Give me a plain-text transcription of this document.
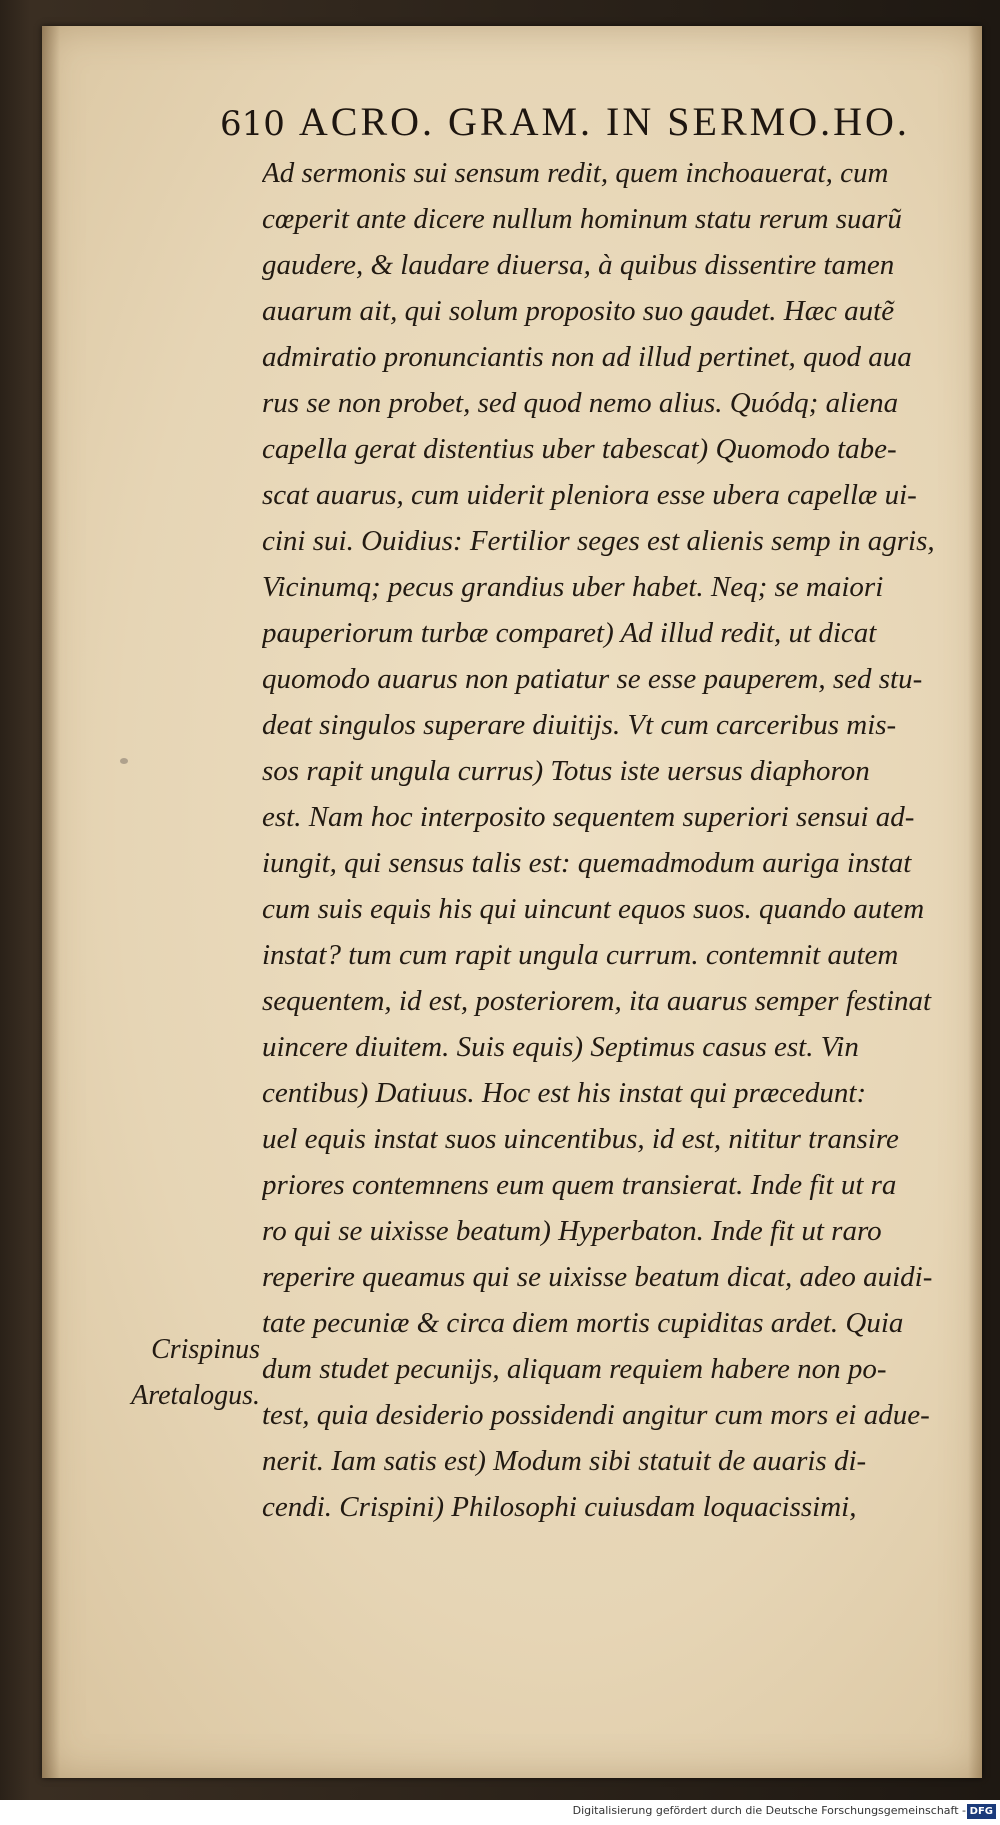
610 ACRO. GRAM. IN SERMO.HO.
Ad sermonis sui sensum redit, quem inchoauerat, cum
cœperit ante dicere nullum hominum statu rerum suarũ
gaudere, & laudare diuersa, à quibus dissentire tamen
auarum ait, qui solum proposito suo gaudet. Hæc autẽ
admiratio pronunciantis non ad illud pertinet, quod aua
rus se non probet, sed quod nemo alius. Quódq; aliena
capella gerat distentius uber tabescat) Quomodo tabe-
scat auarus, cum uiderit pleniora esse ubera capellæ ui-
cini sui. Ouidius: Fertilior seges est alienis semp in agris,
Vicinumq; pecus grandius uber habet. Neq; se maiori
pauperiorum turbæ comparet) Ad illud redit, ut dicat
quomodo auarus non patiatur se esse pauperem, sed stu-
deat singulos superare diuitijs. Vt cum carceribus mis-
sos rapit ungula currus) Totus iste uersus diaphoron
est. Nam hoc interposito sequentem superiori sensui ad-
iungit, qui sensus talis est: quemadmodum auriga instat
cum suis equis his qui uincunt equos suos. quando autem
instat? tum cum rapit ungula currum. contemnit autem
sequentem, id est, posteriorem, ita auarus semper festinat
uincere diuitem. Suis equis) Septimus casus est. Vin
centibus) Datiuus. Hoc est his instat qui præcedunt:
uel equis instat suos uincentibus, id est, nititur transire
priores contemnens eum quem transierat. Inde fit ut ra
ro qui se uixisse beatum) Hyperbaton. Inde fit ut raro
reperire queamus qui se uixisse beatum dicat, adeo auidi-
tate pecuniæ & circa diem mortis cupiditas ardet. Quia
dum studet pecunijs, aliquam requiem habere non po-
test, quia desiderio possidendi angitur cum mors ei adue-
nerit. Iam satis est) Modum sibi statuit de auaris di-
cendi. Crispini) Philosophi cuiusdam loquacissimi,
Crispinus
Aretalogus.
Digitalisierung gefördert durch die Deutsche Forschungsgemeinschaft - DFG
